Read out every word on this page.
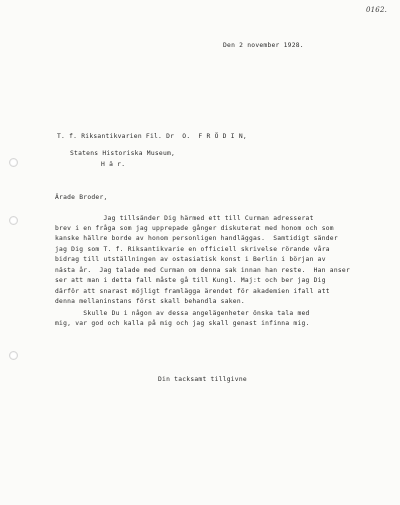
0162.
Den 2 november 1928.
T. f. Riksantikvarien Fil. Dr  O.  F R Ö D I N,
Statens Historiska Museum,
H ä r.
Ärade Broder,
Jag tillsänder Dig härmed ett till Curman adresserat
brev i en fråga som jag upprepade gånger diskuterat med honom och som
kanske hällre borde av honom personligen handläggas.  Samtidigt sänder
jag Dig som T. f. Riksantikvarie en officiell skrivelse rörande våra
bidrag till utställningen av ostasiatisk konst i Berlin i början av
nästa år.  Jag talade med Curman om denna sak innan han reste.  Han anser
ser att man i detta fall måste gå till Kungl. Maj:t och ber jag Dig
därför att snarast möjligt framlägga ärendet för akademien ifall att
denna mellaninstans först skall behandla saken.
Skulle Du i någon av dessa angelägenheter önska tala med
mig, var god och kalla på mig och jag skall genast infinna mig.
Din tacksamt tillgivne
